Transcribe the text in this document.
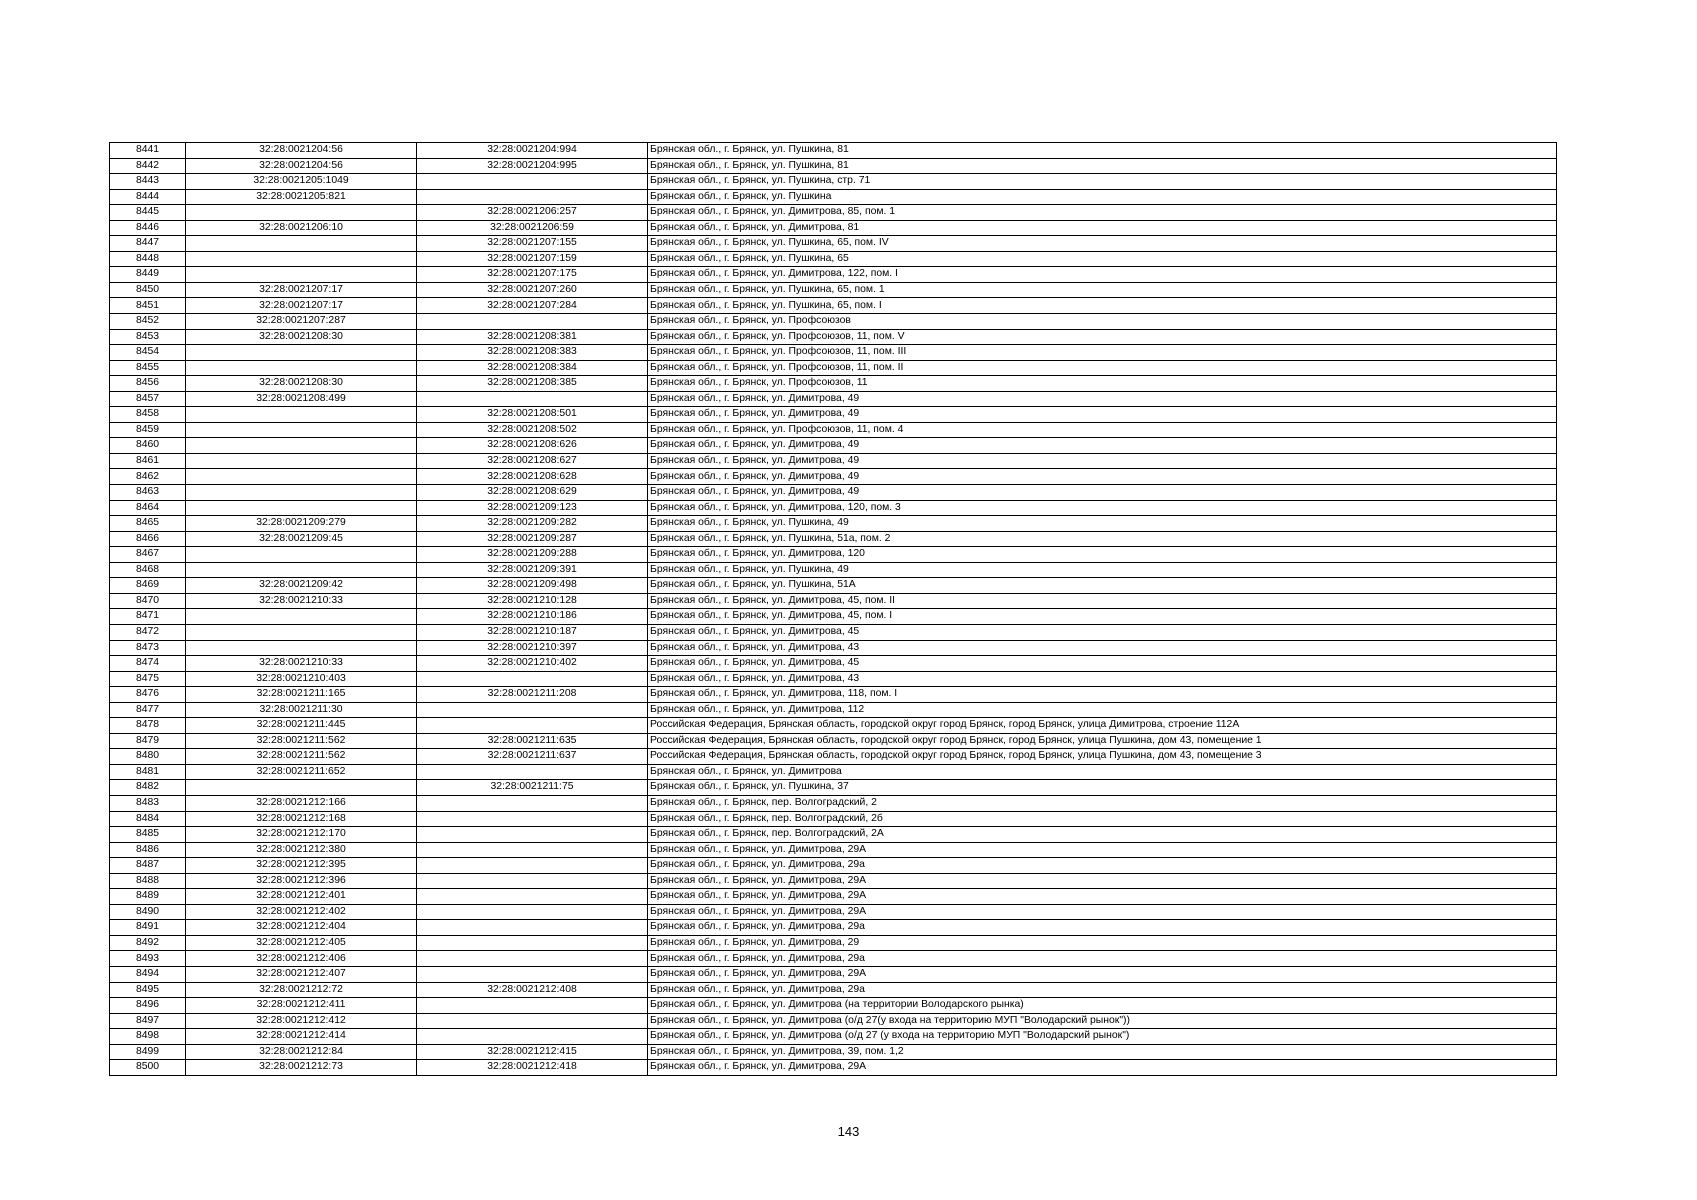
8441	32:28:0021204:56	32:28:0021204:994	Брянская обл., г. Брянск, ул. Пушкина, 81
8442	32:28:0021204:56	32:28:0021204:995	Брянская обл., г. Брянск, ул. Пушкина, 81
8443	32:28:0021205:1049		Брянская обл., г. Брянск, ул. Пушкина, стр. 71
8444	32:28:0021205:821		Брянская обл., г. Брянск, ул. Пушкина
8445		32:28:0021206:257	Брянская обл., г. Брянск, ул. Димитрова, 85, пом. 1
8446	32:28:0021206:10	32:28:0021206:59	Брянская обл., г. Брянск, ул. Димитрова, 81
8447		32:28:0021207:155	Брянская обл., г. Брянск, ул. Пушкина, 65, пом. IV
8448		32:28:0021207:159	Брянская обл., г. Брянск, ул. Пушкина, 65
8449		32:28:0021207:175	Брянская обл., г. Брянск, ул. Димитрова, 122, пом. I
8450	32:28:0021207:17	32:28:0021207:260	Брянская обл., г. Брянск, ул. Пушкина, 65, пом. 1
8451	32:28:0021207:17	32:28:0021207:284	Брянская обл., г. Брянск, ул. Пушкина, 65, пом. I
8452	32:28:0021207:287		Брянская обл., г. Брянск, ул. Профсоюзов
8453	32:28:0021208:30	32:28:0021208:381	Брянская обл., г. Брянск, ул. Профсоюзов, 11, пом. V
8454		32:28:0021208:383	Брянская обл., г. Брянск, ул. Профсоюзов, 11, пом. III
8455		32:28:0021208:384	Брянская обл., г. Брянск, ул. Профсоюзов, 11, пом. II
8456	32:28:0021208:30	32:28:0021208:385	Брянская обл., г. Брянск, ул. Профсоюзов, 11
8457	32:28:0021208:499		Брянская обл., г. Брянск, ул. Димитрова, 49
8458		32:28:0021208:501	Брянская обл., г. Брянск, ул. Димитрова, 49
8459		32:28:0021208:502	Брянская обл., г. Брянск, ул. Профсоюзов, 11, пом. 4
8460		32:28:0021208:626	Брянская обл., г. Брянск, ул. Димитрова, 49
8461		32:28:0021208:627	Брянская обл., г. Брянск, ул. Димитрова, 49
8462		32:28:0021208:628	Брянская обл., г. Брянск, ул. Димитрова, 49
8463		32:28:0021208:629	Брянская обл., г. Брянск, ул. Димитрова, 49
8464		32:28:0021209:123	Брянская обл., г. Брянск, ул. Димитрова, 120, пом. 3
8465	32:28:0021209:279	32:28:0021209:282	Брянская обл., г. Брянск, ул. Пушкина, 49
8466	32:28:0021209:45	32:28:0021209:287	Брянская обл., г. Брянск, ул. Пушкина, 51а, пом. 2
8467		32:28:0021209:288	Брянская обл., г. Брянск, ул. Димитрова, 120
8468		32:28:0021209:391	Брянская обл., г. Брянск, ул. Пушкина, 49
8469	32:28:0021209:42	32:28:0021209:498	Брянская обл., г. Брянск, ул. Пушкина, 51А
8470	32:28:0021210:33	32:28:0021210:128	Брянская обл., г. Брянск, ул. Димитрова, 45, пом. II
8471		32:28:0021210:186	Брянская обл., г. Брянск, ул. Димитрова, 45, пом. I
8472		32:28:0021210:187	Брянская обл., г. Брянск, ул. Димитрова, 45
8473		32:28:0021210:397	Брянская обл., г. Брянск, ул. Димитрова, 43
8474	32:28:0021210:33	32:28:0021210:402	Брянская обл., г. Брянск, ул. Димитрова, 45
8475	32:28:0021210:403		Брянская обл., г. Брянск, ул. Димитрова, 43
8476	32:28:0021211:165	32:28:0021211:208	Брянская обл., г. Брянск, ул. Димитрова, 118, пом. I
8477	32:28:0021211:30		Брянская обл., г. Брянск, ул. Димитрова, 112
8478	32:28:0021211:445		Российская Федерация, Брянская область, городской округ город Брянск, город Брянск, улица Димитрова, строение 112А
8479	32:28:0021211:562	32:28:0021211:635	Российская Федерация, Брянская область, городской округ город Брянск, город Брянск, улица Пушкина, дом 43, помещение 1
8480	32:28:0021211:562	32:28:0021211:637	Российская Федерация, Брянская область, городской округ город Брянск, город Брянск, улица Пушкина, дом 43, помещение 3
8481	32:28:0021211:652		Брянская обл., г. Брянск, ул. Димитрова
8482		32:28:0021211:75	Брянская обл., г. Брянск, ул. Пушкина, 37
8483	32:28:0021212:166		Брянская обл., г. Брянск, пер. Волгоградский, 2
8484	32:28:0021212:168		Брянская обл., г. Брянск, пер. Волгоградский, 2б
8485	32:28:0021212:170		Брянская обл., г. Брянск, пер. Волгоградский, 2А
8486	32:28:0021212:380		Брянская обл., г. Брянск, ул. Димитрова, 29А
8487	32:28:0021212:395		Брянская обл., г. Брянск, ул. Димитрова, 29а
8488	32:28:0021212:396		Брянская обл., г. Брянск, ул. Димитрова, 29А
8489	32:28:0021212:401		Брянская обл., г. Брянск, ул. Димитрова, 29А
8490	32:28:0021212:402		Брянская обл., г. Брянск, ул. Димитрова, 29А
8491	32:28:0021212:404		Брянская обл., г. Брянск, ул. Димитрова, 29а
8492	32:28:0021212:405		Брянская обл., г. Брянск, ул. Димитрова, 29
8493	32:28:0021212:406		Брянская обл., г. Брянск, ул. Димитрова, 29а
8494	32:28:0021212:407		Брянская обл., г. Брянск, ул. Димитрова, 29А
8495	32:28:0021212:72	32:28:0021212:408	Брянская обл., г. Брянск, ул. Димитрова, 29а
8496	32:28:0021212:411		Брянская обл., г. Брянск, ул. Димитрова (на территории Володарского рынка)
8497	32:28:0021212:412		Брянская обл., г. Брянск, ул. Димитрова (о/д 27(у входа на территорию МУП "Володарский рынок"))
8498	32:28:0021212:414		Брянская обл., г. Брянск, ул. Димитрова (о/д 27 (у входа на территорию МУП "Володарский рынок")
8499	32:28:0021212:84	32:28:0021212:415	Брянская обл., г. Брянск, ул. Димитрова, 39, пом. 1,2
8500	32:28:0021212:73	32:28:0021212:418	Брянская обл., г. Брянск, ул. Димитрова, 29А
143
